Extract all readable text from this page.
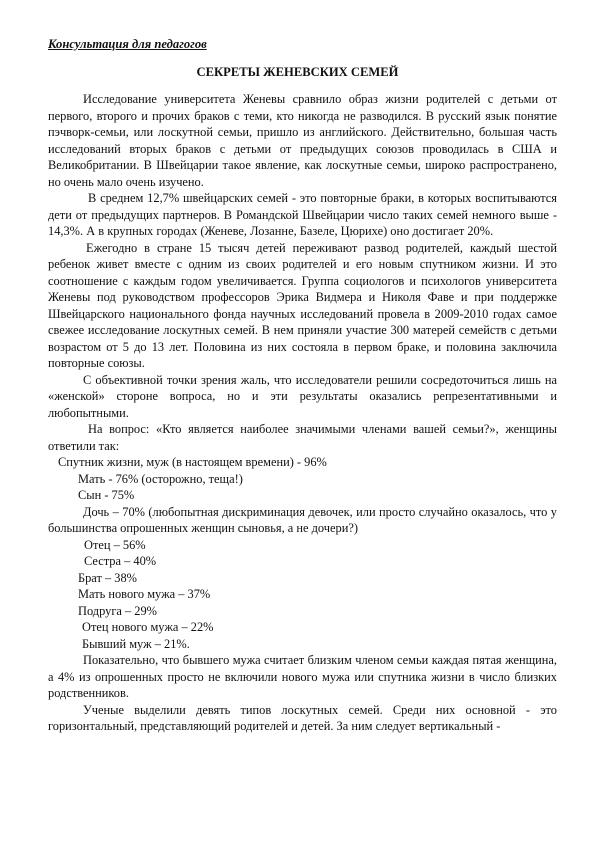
Консультация для педагогов
СЕКРЕТЫ ЖЕНЕВСКИХ СЕМЕЙ

Исследование университета Женевы сравнило образ жизни родителей с детьми от первого, второго и прочих браков с теми, кто никогда не разводился. В русский язык понятие пэчворк-семьи, или лоскутной семьи, пришло из английского. Действительно, большая часть исследований вторых браков с детьми от предыдущих союзов проводилась в США и Великобритании. В Швейцарии такое явление, как лоскутные семьи, широко распространено, но очень мало очень изучено.

В среднем 12,7% швейцарских семей - это повторные браки, в которых воспитываются дети от предыдущих партнеров. В Романдской Швейцарии число таких семей немного выше - 14,3%. А в крупных городах (Женеве, Лозанне, Базеле, Цюрихе) оно достигает 20%.

Ежегодно в стране 15 тысяч детей переживают развод родителей, каждый шестой ребенок живет вместе с одним из своих родителей и его новым спутником жизни. И это соотношение с каждым годом увеличивается. Группа социологов и психологов университета Женевы под руководством профессоров Эрика Видмера и Николя Фаве и при поддержке Швейцарского национального фонда научных исследований провела в 2009-2010 годах самое свежее исследование лоскутных семей. В нем приняли участие 300 матерей семейств с детьми возрастом от 5 до 13 лет. Половина из них состояла в первом браке, и половина заключила повторные союзы.

С объективной точки зрения жаль, что исследователи решили сосредоточиться лишь на «женской» стороне вопроса, но и эти результаты оказались репрезентативными и любопытными.

На вопрос: «Кто является наиболее значимыми членами вашей семьи?», женщины ответили так:

Спутник жизни, муж (в настоящем времени) - 96%

Мать - 76% (осторожно, теща!)

Сын - 75%

Дочь – 70% (любопытная дискриминация девочек, или просто случайно оказалось, что у большинства опрошенных женщин сыновья, а не дочери?)

Отец – 56%

Сестра – 40%

Брат – 38%

Мать нового мужа – 37%

Подруга – 29%

Отец нового мужа – 22%

Бывший муж – 21%.

Показательно, что бывшего мужа считает близким членом семьи каждая пятая женщина, а 4% из опрошенных просто не включили нового мужа или спутника жизни в число близких родственников.

Ученые выделили девять типов лоскутных семей. Среди них основной - это горизонтальный, представляющий родителей и детей. За ним следует вертикальный -
